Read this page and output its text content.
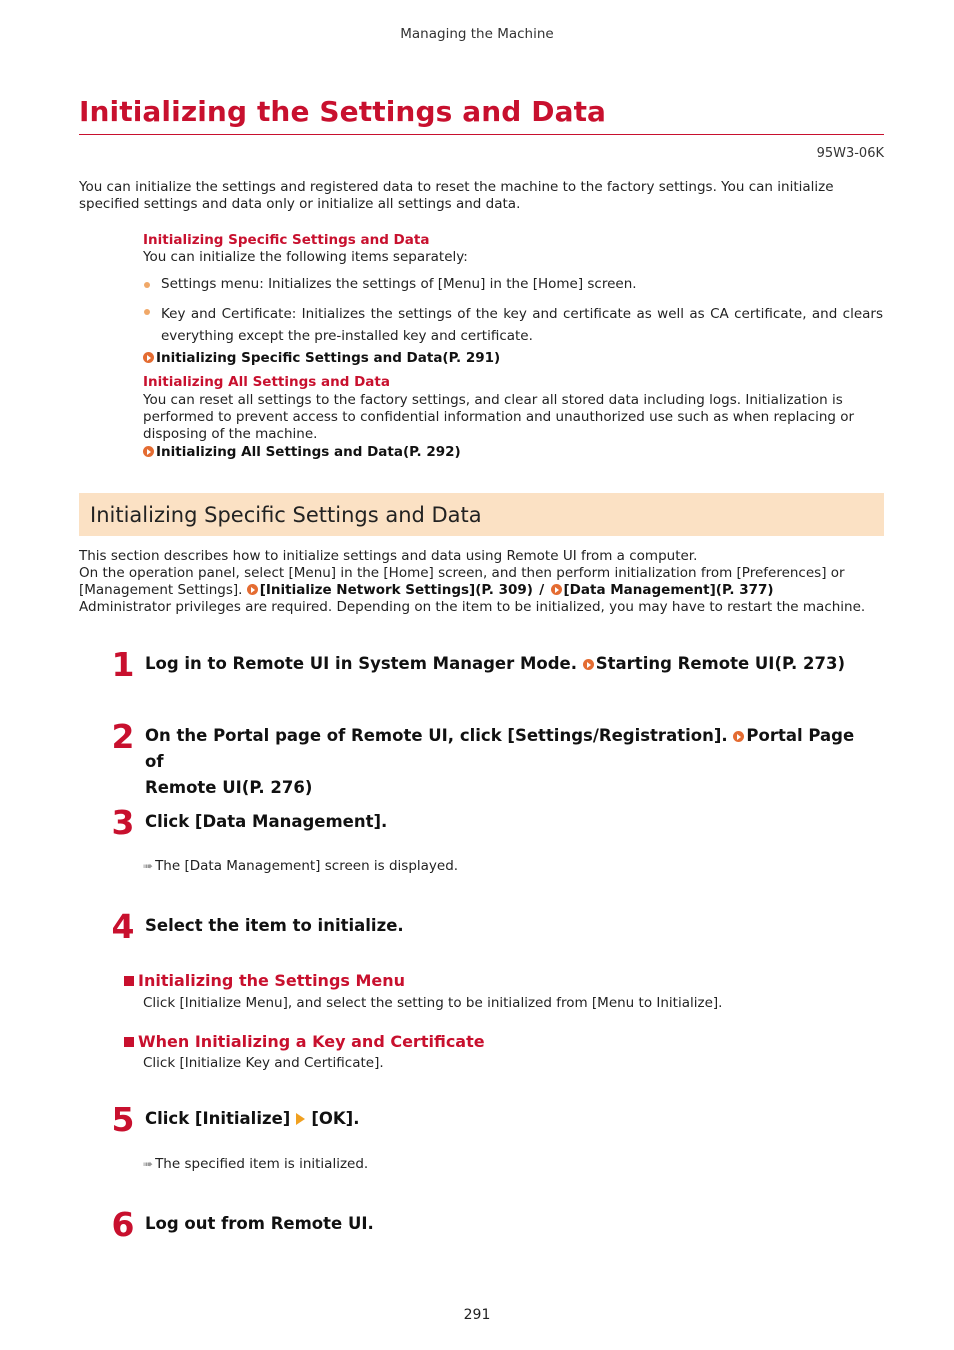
Managing the Machine
Initializing the Settings and Data
95W3-06K

You can initialize the settings and registered data to reset the machine to the factory settings. You can initialize specified settings and data only or initialize all settings and data.

Initializing Specific Settings and Data
You can initialize the following items separately:
Settings menu: Initializes the settings of [Menu] in the [Home] screen.
Key and Certificate: Initializes the settings of the key and certificate as well as CA certificate, and clears everything except the pre-installed key and certificate.
Initializing Specific Settings and Data(P. 291)
Initializing All Settings and Data
You can reset all settings to the factory settings, and clear all stored data including logs. Initialization is performed to prevent access to confidential information and unauthorized use such as when replacing or disposing of the machine.
Initializing All Settings and Data(P. 292)
Initializing Specific Settings and Data
This section describes how to initialize settings and data using Remote UI from a computer.
On the operation panel, select [Menu] in the [Home] screen, and then perform initialization from [Preferences] or
[Management Settings]. [Initialize Network Settings](P. 309) / [Data Management](P. 377)
Administrator privileges are required. Depending on the item to be initialized, you may have to restart the machine.
1 Log in to Remote UI in System Manager Mode. Starting Remote UI(P. 273)
2 On the Portal page of Remote UI, click [Settings/Registration]. Portal Page of
Remote UI(P. 276)
3 Click [Data Management].
➠ The [Data Management] screen is displayed.
4 Select the item to initialize.
Initializing the Settings Menu
Click [Initialize Menu], and select the setting to be initialized from [Menu to Initialize].
When Initializing a Key and Certificate
Click [Initialize Key and Certificate].
5 Click [Initialize] [OK].
➠ The specified item is initialized.
6 Log out from Remote UI.
291
